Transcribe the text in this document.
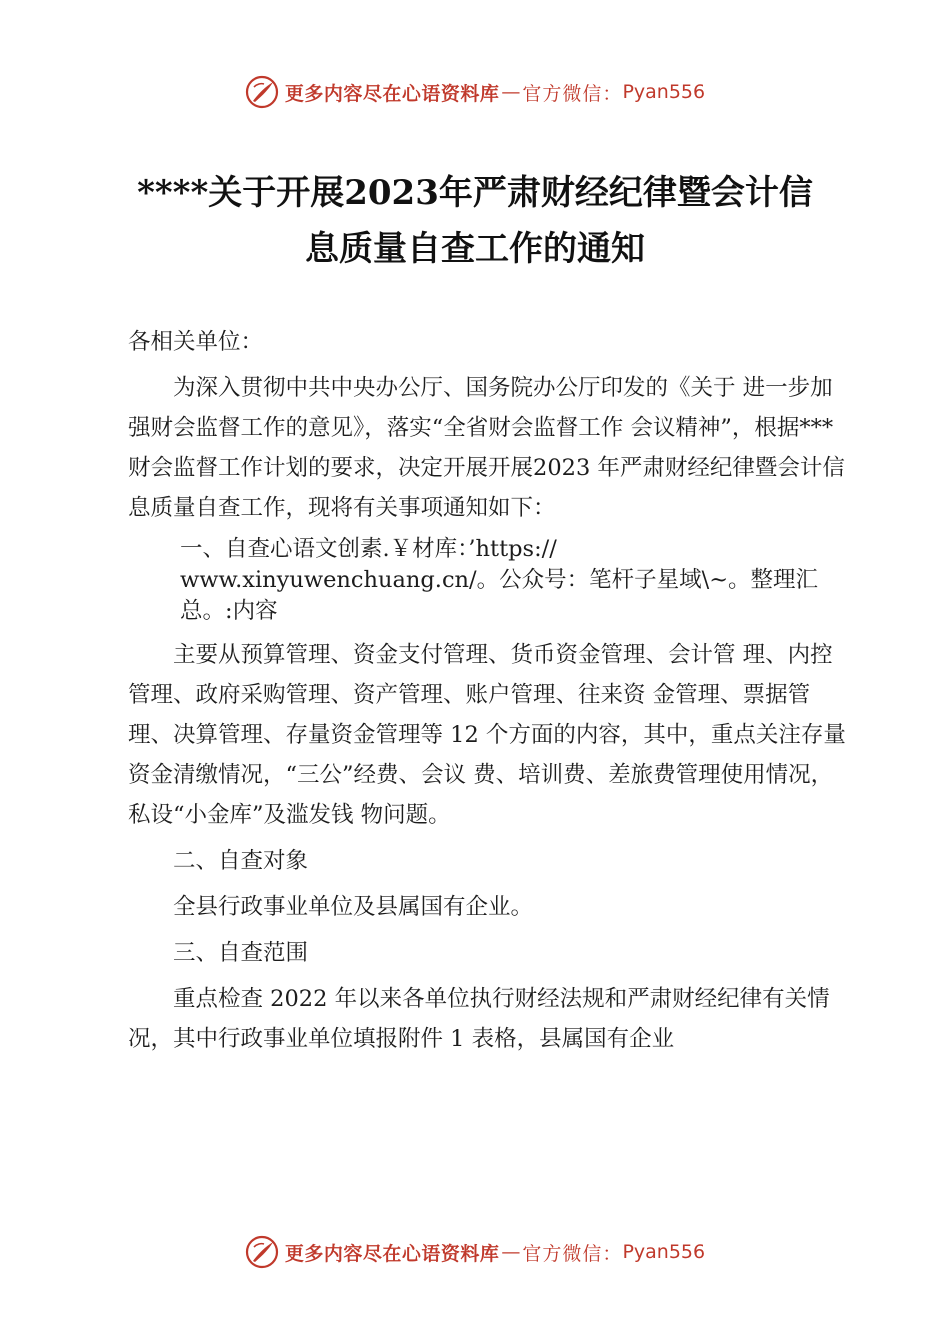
更多内容尽在心语资料库 — 官方微信： Pyan556
****关于开展2023年严肃财经纪律暨会计信
息质量自查工作的通知

各相关单位：

为深入贯彻中共中央办公厅、国务院办公厅印发的《关于 进一步加强财会监督工作的意见》，落实“全省财会监督工作 会议精神”，根据***财会监督工作计划的要求，决定开展开展2023 年严肃财经纪律暨会计信息质量自查工作，现将有关事项通知如下：

一、自查心语文创素.￥材库：’https://

www.xinyuwenchuang.cn/。公众号：笔杆子星域\~。整理汇

总。:内容

主要从预算管理、资金支付管理、货币资金管理、会计管 理、内控管理、政府采购管理、资产管理、账户管理、往来资 金管理、票据管理、决算管理、存量资金管理等 12 个方面的内容，其中，重点关注存量资金清缴情况，“三公”经费、会议 费、培训费、差旅费管理使用情况，私设“小金库”及滥发钱 物问题。

二、自查对象

全县行政事业单位及县属国有企业。

三、自查范围

重点检查 2022 年以来各单位执行财经法规和严肃财经纪律有关情况，其中行政事业单位填报附件 1 表格，县属国有企业

更多内容尽在心语资料库 — 官方微信： Pyan556
